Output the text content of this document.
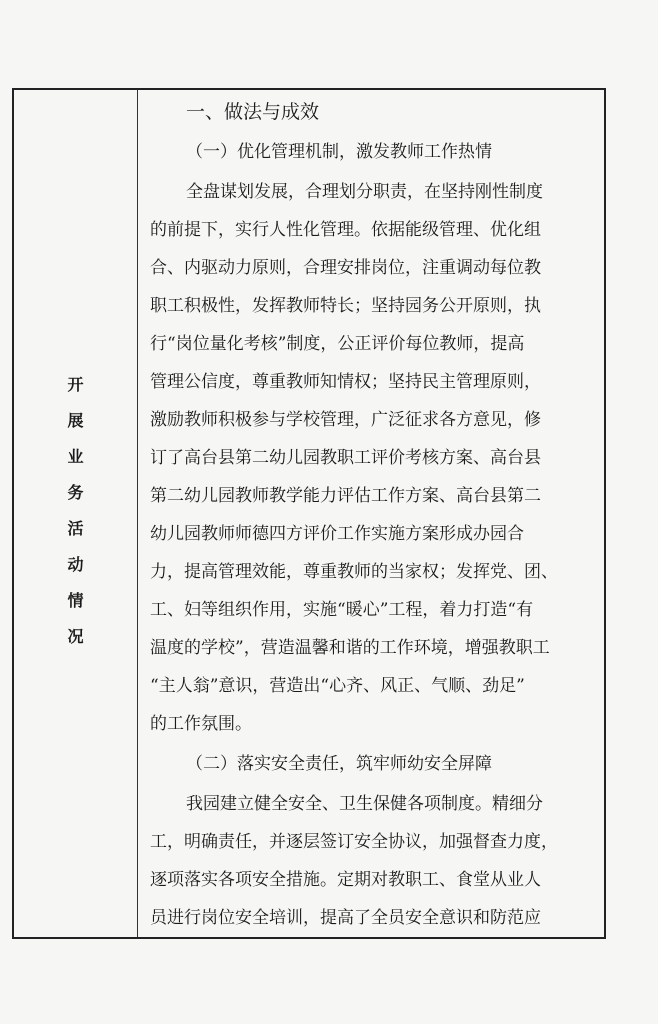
开
展
业
务
活
动
情
况
一、做法与成效
（一）优化管理机制，激发教师工作热情
全盘谋划发展，合理划分职责，在坚持刚性制度
的前提下，实行人性化管理。依据能级管理、优化组
合、内驱动力原则，合理安排岗位，注重调动每位教
职工积极性，发挥教师特长；坚持园务公开原则，执
行“岗位量化考核”制度，公正评价每位教师，提高
管理公信度，尊重教师知情权；坚持民主管理原则，
激励教师积极参与学校管理，广泛征求各方意见，修
订了高台县第二幼儿园教职工评价考核方案、高台县
第二幼儿园教师教学能力评估工作方案、高台县第二
幼儿园教师师德四方评价工作实施方案形成办园合
力，提高管理效能，尊重教师的当家权；发挥党、团、
工、妇等组织作用，实施“暖心”工程，着力打造“有
温度的学校”，营造温馨和谐的工作环境，增强教职工
“主人翁”意识，营造出“心齐、风正、气顺、劲足”
的工作氛围。
（二）落实安全责任，筑牢师幼安全屏障
我园建立健全安全、卫生保健各项制度。精细分
工，明确责任，并逐层签订安全协议，加强督查力度，
逐项落实各项安全措施。定期对教职工、食堂从业人
员进行岗位安全培训，提高了全员安全意识和防范应
